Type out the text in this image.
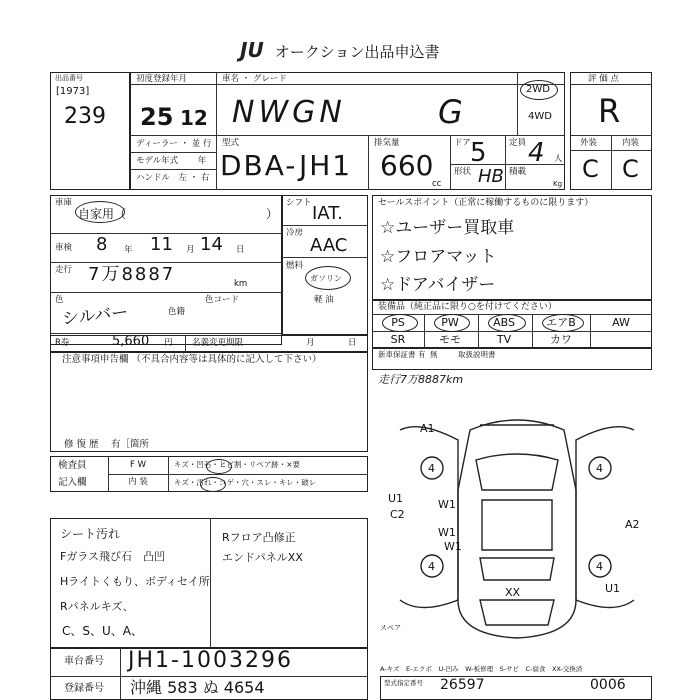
JU オークション出品申込書
出品番号
[1973]
239
初度登録年月
25 12
車名 ・ グレード
NWGN	G
2WD
4WD
ディーラー ・ 並 行
モデル年式　　 年
ハンドル　左 ・ 右
型式
DBA-JH1
排気量
660
cc
ドア 5
形状 HB
定員 4 人
積載
Kg
評 価 点
R
外装	内装
C C
車庫
自家用（	）
車検 8 年 11 月 14 日
走行 7万8887	km
色
シルバー	色籍
色コード
シフト IAT.
冷房
AAC
燃料
ガソリン
軽 油
R券	5,660 円 名義変更期限	月	日
注意事項申告欄 （不具合内容等は具体的に記入して下さい）
修 復 歴　 有［箇所
セールスポイント（正常に稼働するものに限ります）
☆ユーザー買取車
☆フロアマット
☆ドアバイザー
装備品（純正品に限り○を付けてください）
PS	PW	ABS	エアB	AW
SR	モモ	TV	カワ
新車保証書 有 無	取扱説明書
走行7万8887km
検査員
記入欄
F W	キズ・凹石・ヒビ割・リペア跡・×要
内 装	キズ・汚れ・コゲ・穴・スレ・キレ・破レ
シート汚れ
Fガラス飛び石　凸凹
Hライトくもり、ボディセイ所
Rパネルキズ、
C、S、U、A、
Rフロア凸修正
エンドパネルXX
4	4
4	4
A1
U1
C2
W1
W1
W1
A2
U1
XX
スペア
A-キズ　E-エクボ　U-凹み　W-板修理　S-サビ　C-腐食　XX-交換済
車台番号 JH1-1003296
登録番号 沖縄 583 ぬ 4654	型式指定番号 26597	0006
